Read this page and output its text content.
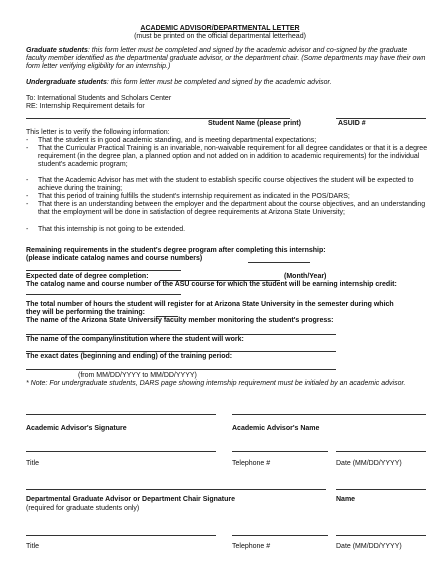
ACADEMIC ADVISOR/DEPARTMENTAL LETTER
(must be printed on the official departmental letterhead)
Graduate students: this form letter must be completed and signed by the academic advisor and co-signed by the graduate faculty member identified as the departmental graduate advisor, or the department chair. (Some departments may have their own form letter verifying eligibility for an internship.)
Undergraduate students: this form letter must be completed and signed by the academic advisor.
To: International Students and Scholars Center
RE: Internship Requirement details for
Student Name (please print)	ASUID #
This letter is to verify the following information:
- That the student is in good academic standing, and is meeting departmental expectations;
- That the Curricular Practical Training is an invariable, non-waivable requirement for all degree candidates or that it is a degree requirement (in the degree plan, a planned option and not added on in addition to academic requirements) for the individual student's academic program;
- That the Academic Advisor has met with the student to establish specific course objectives the student will be expected to achieve during the training;
- That this period of training fulfills the student's internship requirement as indicated in the POS/DARS;
- That there is an understanding between the employer and the department about the course objectives, and an understanding that the employment will be done in satisfaction of degree requirements at Arizona State University;
- That this internship is not going to be extended.
Remaining requirements in the student's degree program after completing this internship:
(please indicate catalog names and course numbers)
Expected date of degree completion:	(Month/Year)
The catalog name and course number of the ASU course for which the student will be earning internship credit:
The total number of hours the student will register for at Arizona State University in the semester during which
they will be performing the training:
The name of the Arizona State University faculty member monitoring the student's progress:
The name of the company/institution where the student will work:
The exact dates (beginning and ending) of the training period:
(from MM/DD/YYYY to MM/DD/YYYY)
* Note: For undergraduate students, DARS page showing internship requirement must be initialed by an academic advisor.
Academic Advisor's Signature	Academic Advisor's Name
Title	Telephone #	Date (MM/DD/YYYY)
Departmental Graduate Advisor or Department Chair Signature	Name
(required for graduate students only)
Title	Telephone #	Date (MM/DD/YYYY)
